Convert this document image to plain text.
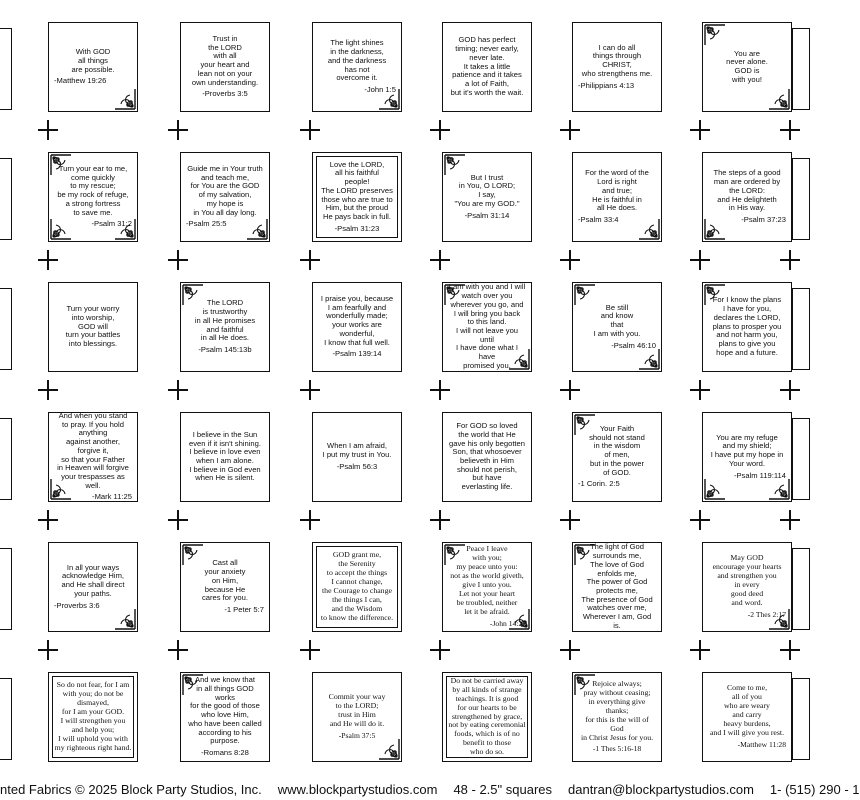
With GOD
all things
are possible.
-Matthew 19:26
Trust in
the LORD
with all
your heart and
lean not on your
own understanding.
-Proverbs 3:5
The light shines
in the darkness,
and the darkness
has not
overcome it.
-John 1:5
GOD has perfect
timing; never early,
never late.
It takes a little
patience and it takes
a lot of Faith,
but it's worth the wait.
I can do all
things through
CHRIST,
who strengthens me.
-Philippians 4:13
You are
never alone.
GOD is
with you!
Turn your ear to me,
come quickly
to my rescue;
be my rock of refuge,
a strong fortress
to save me.
-Psalm 31:2
Guide me in Your truth
and teach me,
for You are the GOD
of my salvation,
my hope is
in You all day long.
-Psalm 25:5
Love the LORD,
all his faithful
people!
The LORD preserves
those who are true to
Him, but the proud
He pays back in full.
-Psalm 31:23
But I trust
in You, O LORD;
I say,
"You are my GOD."
-Psalm 31:14
For the word of the
Lord is right
and true;
He is faithful in
all He does.
-Psalm 33:4
The steps of a good
man are ordered by
the LORD:
and He delighteth
in His way.
-Psalm 37:23
Turn your worry
into worship,
GOD will
turn your battles
into blessings.
The LORD
is trustworthy
in all He promises
and faithful
in all He does.
-Psalm 145:13b
I praise you, because
I am fearfully and
wonderfully made;
your works are
wonderful,
I know that full well.
-Psalm 139:14
I am with you and I will
watch over you
wherever you go, and
I will bring you back
to this land.
I will not leave you until
I have done what I have
promised you.
Be still
and know
that
I am with you.
-Psalm 46:10
For I know the plans
I have for you,
declares the LORD,
plans to prosper you
and not harm you,
plans to give you
hope and a future.
And when you stand
to pray. If you hold anything
against another, forgive it,
so that your Father
in Heaven will forgive
your trespasses as well.
-Mark 11:25
I believe in the Sun
even if it isn't shining.
I believe in love even
when I am alone.
I believe in God even
when He is silent.
When I am afraid,
I put my trust in You.
-Psalm 56:3
For GOD so loved
the world that He
gave his only begotten
Son, that whosoever
believeth in Him
should not perish,
but have
everlasting life.
Your Faith
should not stand
in the wisdom
of men,
but in the power
of GOD.
-1 Corin. 2:5
You are my refuge
and my shield;
I have put my hope in
Your word.
-Psalm 119:114
In all your ways
acknowledge Him,
and He shall direct
your paths.
-Proverbs 3:6
Cast all
your anxiety
on Him,
because He
cares for you.
-1 Peter 5:7
GOD grant me,
the Serenity
to accept the things
I cannot change,
the Courage to change
the things I can,
and the Wisdom
to know the difference.
Peace I leave
with you;
my peace unto you:
not as the world giveth,
give I unto you.
Let not your heart
be troubled, neither
let it be afraid.
-John 14:27
The light of God
surrounds me,
The love of God
enfolds me,
The power of God
protects me,
The presence of God
watches over me,
Wherever I am, God is.
May GOD
encourage your hearts
and strengthen you
in every
good deed
and word.
-2 Thes 2:17
So do not fear, for I am
with you; do not be
dismayed,
for I am your GOD.
I will strengthen you
and help you;
I will uphold you with
my righteous right hand.
And we know that
in all things GOD works
for the good of those
who love Him,
who have been called
according to his purpose.
-Romans 8:28
Commit your way
to the LORD;
trust in Him
and He will do it.
-Psalm 37:5
Do not be carried away
by all kinds of strange
teachings. It is good
for our hearts to be
strengthened by grace,
not by eating ceremonial
foods, which is of no
benefit to those
who do so.
Rejoice always;
pray without ceasing;
in everything give thanks;
for this is the will of God
in Christ Jesus for you.
-1 Thes 5:16-18
Come to me,
all of you
who are weary
and carry
heavy burdens,
and I will give you rest.
-Matthew 11:28
nted Fabrics © 2025 Block Party Studios, Inc. www.blockpartystudios.com 48 - 2.5" squares dantran@blockpartystudios.com 1- (515) 290 - 1
